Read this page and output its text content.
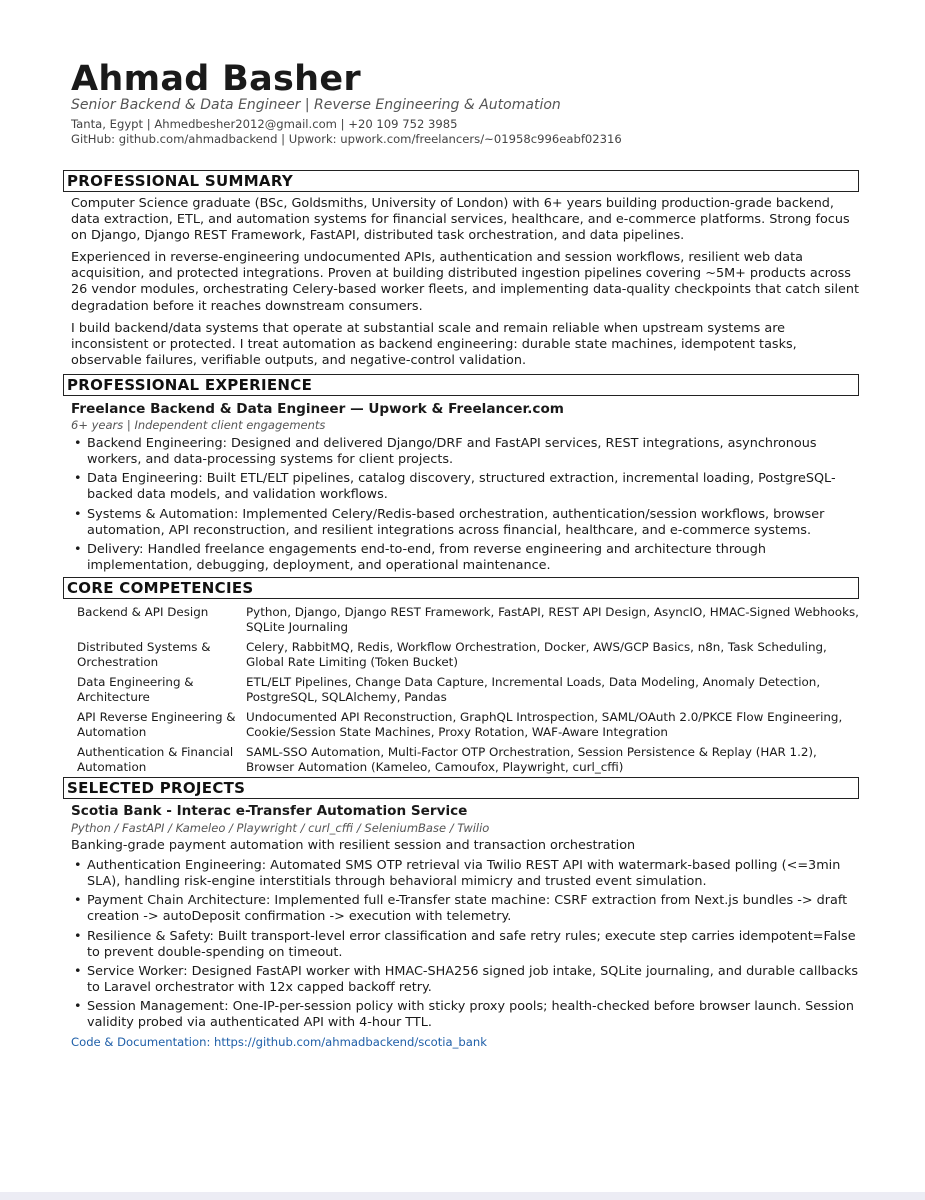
Ahmad Basher
Senior Backend & Data Engineer | Reverse Engineering & Automation
Tanta, Egypt | Ahmedbesher2012@gmail.com | +20 109 752 3985
GitHub: github.com/ahmadbackend | Upwork: upwork.com/freelancers/~01958c996eabf02316
PROFESSIONAL SUMMARY

Computer Science graduate (BSc, Goldsmiths, University of London) with 6+ years building production-grade backend, data extraction, ETL, and automation systems for financial services, healthcare, and e-commerce platforms. Strong focus on Django, Django REST Framework, FastAPI, distributed task orchestration, and data pipelines.

Experienced in reverse-engineering undocumented APIs, authentication and session workflows, resilient web data acquisition, and protected integrations. Proven at building distributed ingestion pipelines covering ~5M+ products across 26 vendor modules, orchestrating Celery-based worker fleets, and implementing data-quality checkpoints that catch silent degradation before it reaches downstream consumers.

I build backend/data systems that operate at substantial scale and remain reliable when upstream systems are inconsistent or protected. I treat automation as backend engineering: durable state machines, idempotent tasks, observable failures, verifiable outputs, and negative-control validation.

PROFESSIONAL EXPERIENCE
Freelance Backend & Data Engineer — Upwork & Freelancer.com
6+ years | Independent client engagements
• Backend Engineering: Designed and delivered Django/DRF and FastAPI services, REST integrations, asynchronous workers, and data-processing systems for client projects.
• Data Engineering: Built ETL/ELT pipelines, catalog discovery, structured extraction, incremental loading, PostgreSQL-backed data models, and validation workflows.
• Systems & Automation: Implemented Celery/Redis-based orchestration, authentication/session workflows, browser automation, API reconstruction, and resilient integrations across financial, healthcare, and e-commerce systems.
• Delivery: Handled freelance engagements end-to-end, from reverse engineering and architecture through implementation, debugging, deployment, and operational maintenance.
CORE COMPETENCIES
Backend & API Design	Python, Django, Django REST Framework, FastAPI, REST API Design, AsyncIO, HMAC-Signed Webhooks, SQLite Journaling
Distributed Systems & Orchestration
Celery, RabbitMQ, Redis, Workflow Orchestration, Docker, AWS/GCP Basics, n8n, Task Scheduling, Global Rate Limiting (Token Bucket)
Data Engineering & Architecture
ETL/ELT Pipelines, Change Data Capture, Incremental Loads, Data Modeling, Anomaly Detection, PostgreSQL, SQLAlchemy, Pandas
API Reverse Engineering & Automation
Undocumented API Reconstruction, GraphQL Introspection, SAML/OAuth 2.0/PKCE Flow Engineering, Cookie/Session State Machines, Proxy Rotation, WAF-Aware Integration
Authentication & Financial Automation
SAML-SSO Automation, Multi-Factor OTP Orchestration, Session Persistence & Replay (HAR 1.2), Browser Automation (Kameleo, Camoufox, Playwright, curl_cffi)
SELECTED PROJECTS
Scotia Bank - Interac e-Transfer Automation Service
Python / FastAPI / Kameleo / Playwright / curl_cffi / SeleniumBase / Twilio
Banking-grade payment automation with resilient session and transaction orchestration
• Authentication Engineering: Automated SMS OTP retrieval via Twilio REST API with watermark-based polling (<=3min SLA), handling risk-engine interstitials through behavioral mimicry and trusted event simulation.
• Payment Chain Architecture: Implemented full e-Transfer state machine: CSRF extraction from Next.js bundles -> draft creation -> autoDeposit confirmation -> execution with telemetry.
• Resilience & Safety: Built transport-level error classification and safe retry rules; execute step carries idempotent=False to prevent double-spending on timeout.
• Service Worker: Designed FastAPI worker with HMAC-SHA256 signed job intake, SQLite journaling, and durable callbacks to Laravel orchestrator with 12x capped backoff retry.
• Session Management: One-IP-per-session policy with sticky proxy pools; health-checked before browser launch. Session validity probed via authenticated API with 4-hour TTL.
Code & Documentation: https://github.com/ahmadbackend/scotia_bank
